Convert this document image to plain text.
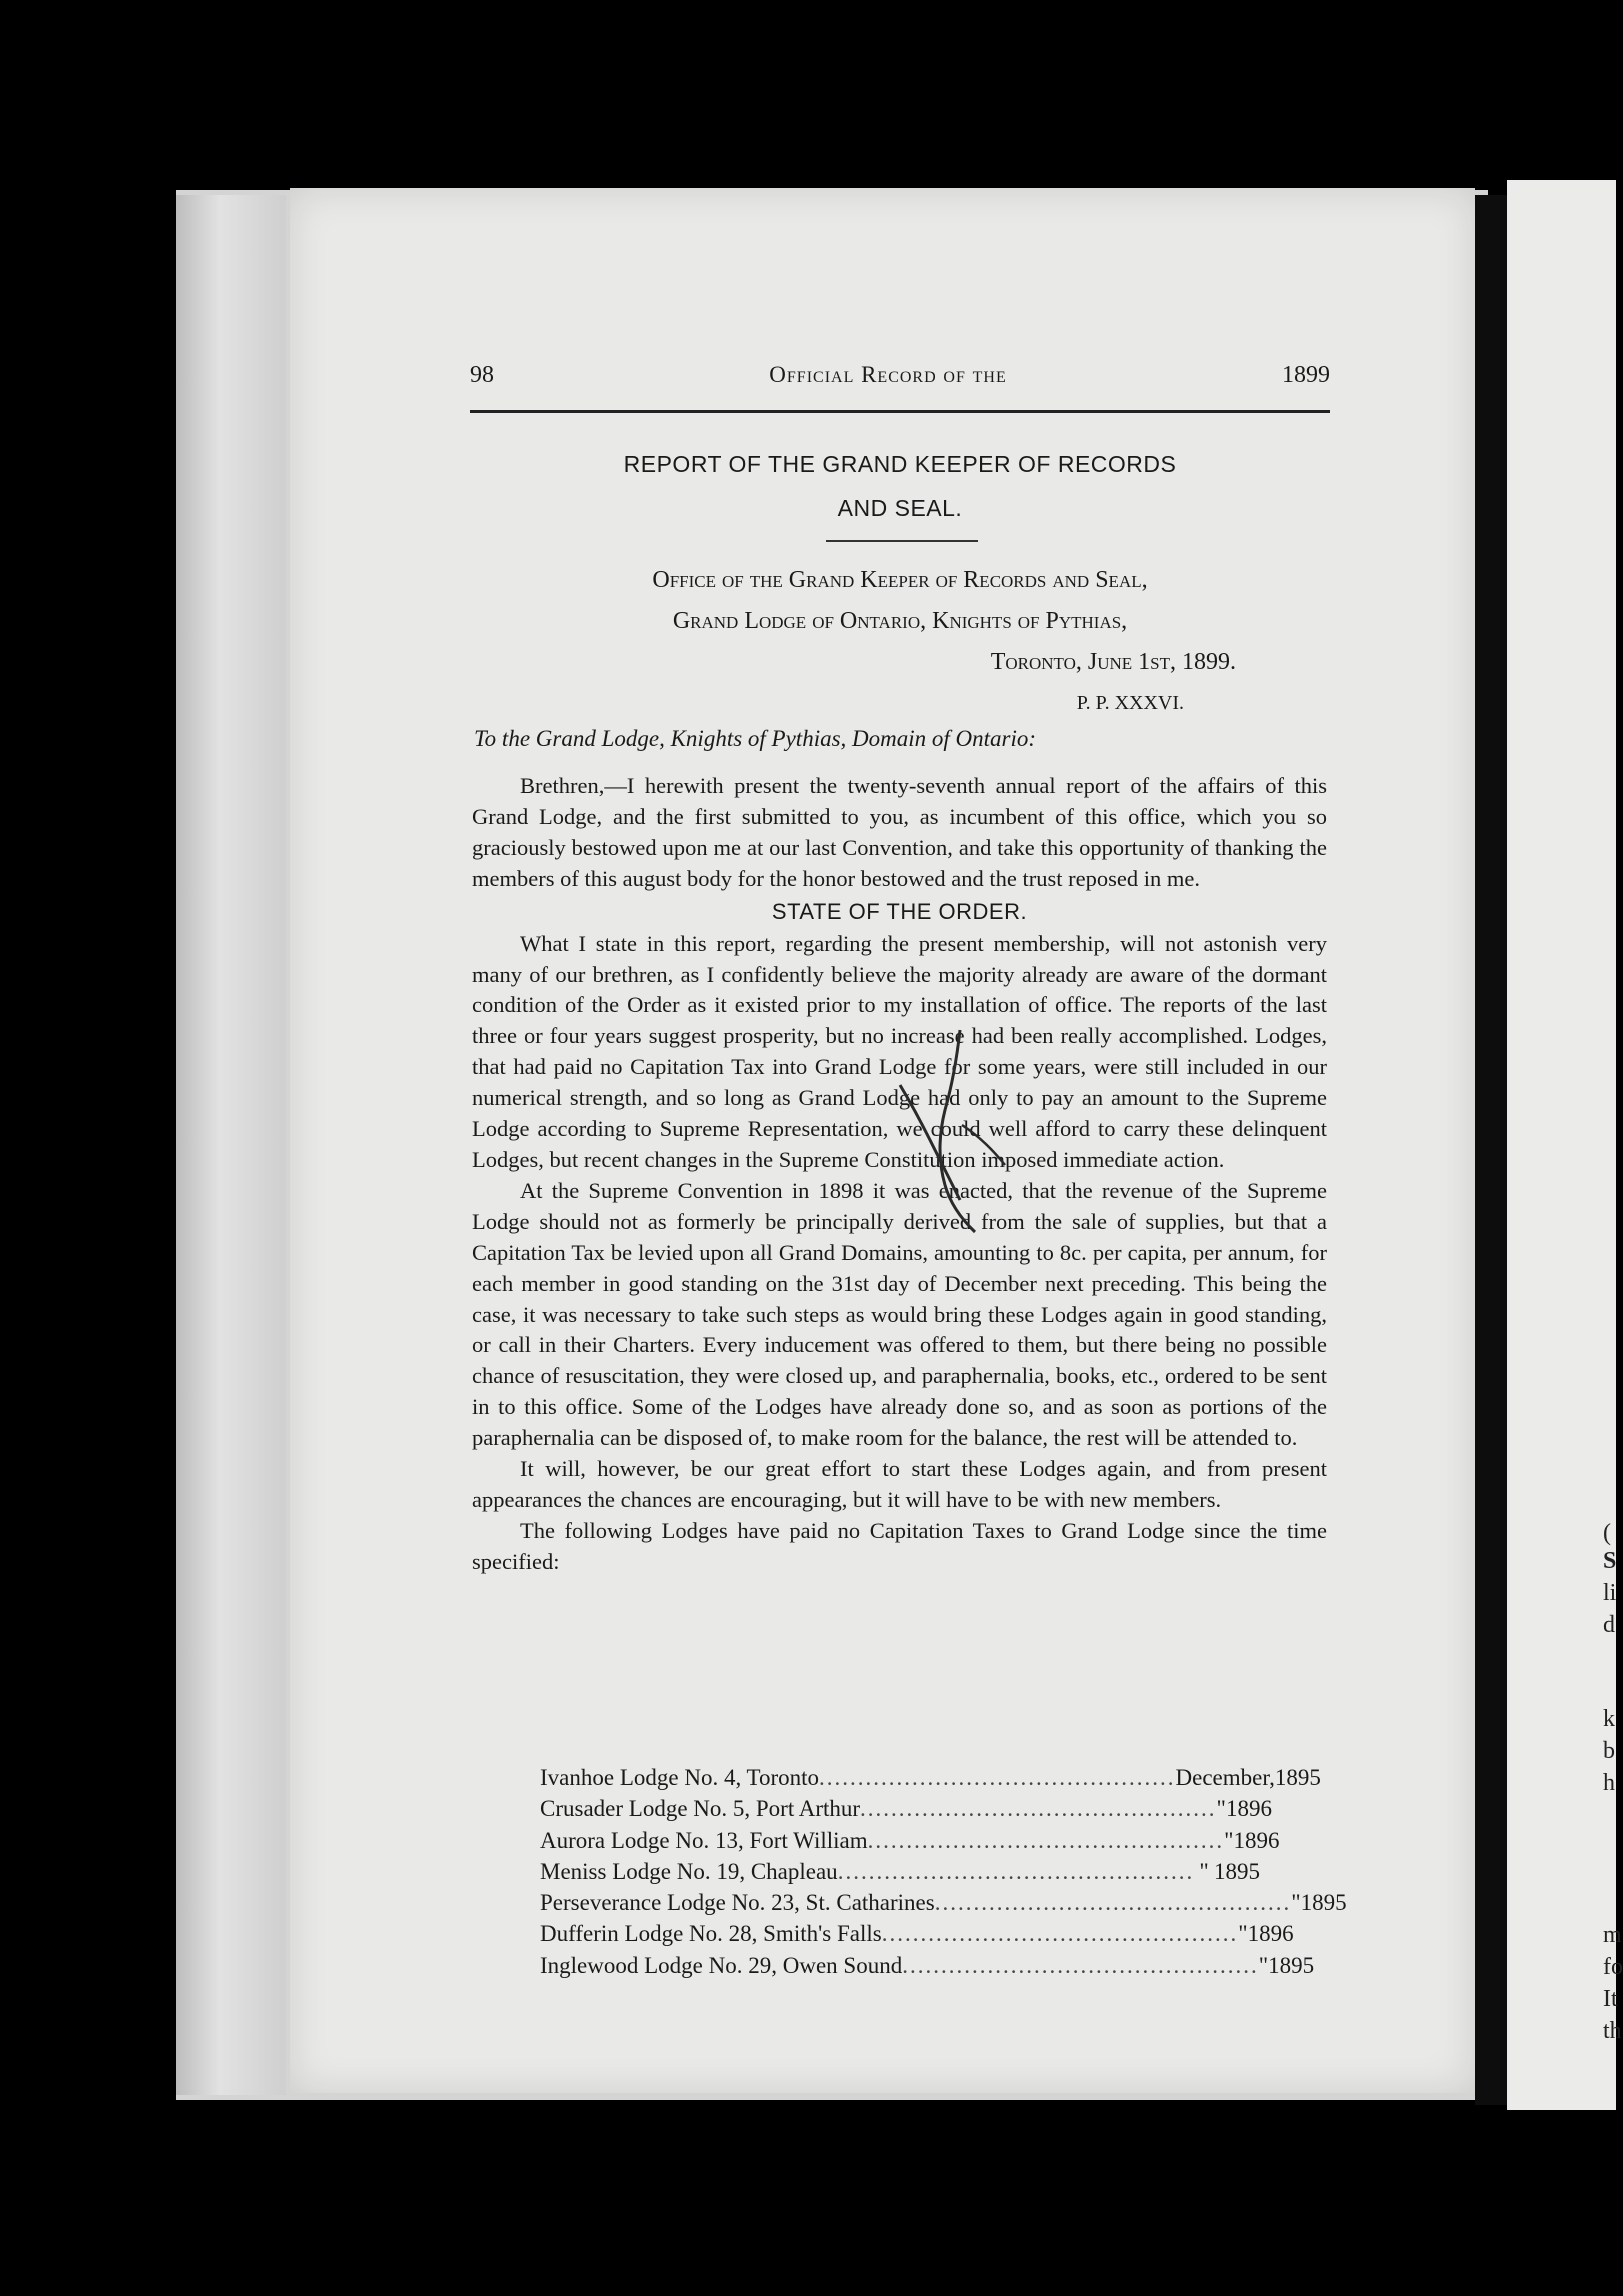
(
S
li
d
k
b
h
m
fo
It
th
98	Official Record of the	1899
REPORT OF THE GRAND KEEPER OF RECORDS
AND SEAL.
Office of the Grand Keeper of Records and Seal,
Grand Lodge of Ontario, Knights of Pythias,
Toronto, June 1st, 1899.
P. P. XXXVI.
To the Grand Lodge, Knights of Pythias, Domain of Ontario:

Brethren,—I herewith present the twenty-seventh annual report of the affairs of this Grand Lodge, and the first submitted to you, as incumbent of this office, which you so graciously bestowed upon me at our last Convention, and take this opportunity of thanking the members of this august body for the honor bestowed and the trust reposed in me.

STATE OF THE ORDER.

What I state in this report, regarding the present membership, will not astonish very many of our brethren, as I confidently believe the majority already are aware of the dormant condition of the Order as it existed prior to my installation of office. The reports of the last three or four years suggest prosperity, but no increase had been really accomplished. Lodges, that had paid no Capitation Tax into Grand Lodge for some years, were still included in our numerical strength, and so long as Grand Lodge had only to pay an amount to the Supreme Lodge according to Supreme Representation, we could well afford to carry these delinquent Lodges, but recent changes in the Supreme Constitution imposed immediate action.

At the Supreme Convention in 1898 it was enacted, that the revenue of the Supreme Lodge should not as formerly be principally derived from the sale of supplies, but that a Capitation Tax be levied upon all Grand Domains, amounting to 8c. per capita, per annum, for each member in good standing on the 31st day of December next preceding. This being the case, it was necessary to take such steps as would bring these Lodges again in good standing, or call in their Charters. Every inducement was offered to them, but there being no possible chance of resuscitation, they were closed up, and paraphernalia, books, etc., ordered to be sent in to this office. Some of the Lodges have already done so, and as soon as portions of the paraphernalia can be disposed of, to make room for the balance, the rest will be attended to.

It will, however, be our great effort to start these Lodges again, and from present appearances the chances are encouraging, but it will have to be with new members.

The following Lodges have paid no Capitation Taxes to Grand Lodge since the time specified:

Ivanhoe Lodge No. 4, Toronto .............................................. December, 1895
Crusader Lodge No. 5, Port Arthur .............................................. " 1896
Aurora Lodge No. 13, Fort William .............................................. " 1896
Meniss Lodge No. 19, Chapleau .............................................. " 1895
Perseverance Lodge No. 23, St. Catharines .............................................. " 1895
Dufferin Lodge No. 28, Smith's Falls .............................................. " 1896
Inglewood Lodge No. 29, Owen Sound .............................................. " 1895
